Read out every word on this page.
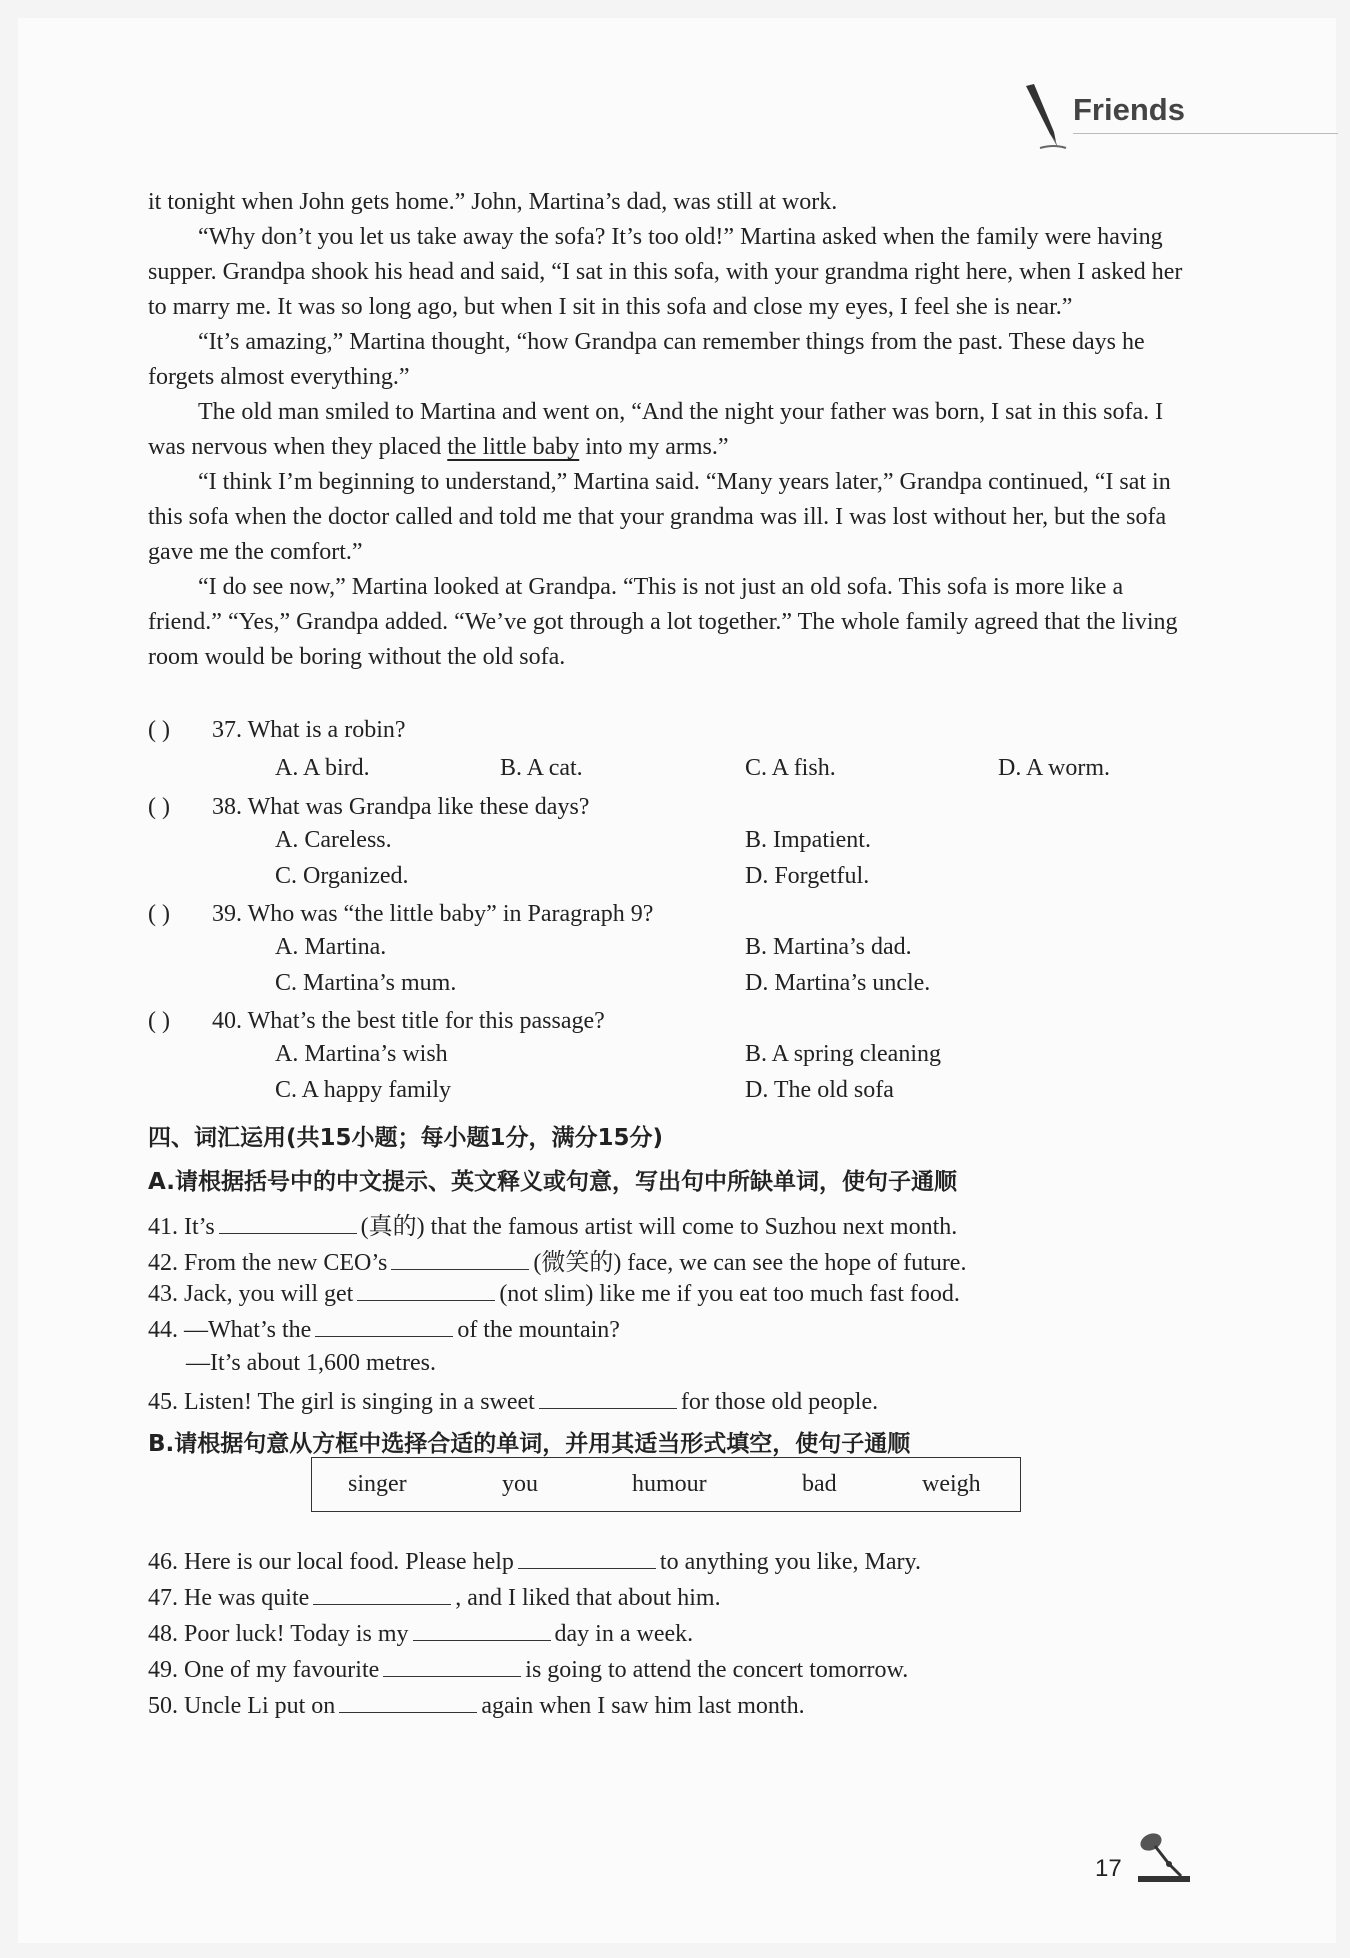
Friends

it tonight when John gets home.” John, Martina’s dad, was still at work.

“Why don’t you let us take away the sofa? It’s too old!” Martina asked when the family were having supper. Grandpa shook his head and said, “I sat in this sofa, with your grandma right here, when I asked her to marry me. It was so long ago, but when I sit in this sofa and close my eyes, I feel she is near.”

“It’s amazing,” Martina thought, “how Grandpa can remember things from the past. These days he forgets almost everything.”

The old man smiled to Martina and went on, “And the night your father was born, I sat in this sofa. I was nervous when they placed the little baby into my arms.”

“I think I’m beginning to understand,” Martina said. “Many years later,” Grandpa continued, “I sat in this sofa when the doctor called and told me that your grandma was ill. I was lost without her, but the sofa gave me the comfort.”

“I do see now,” Martina looked at Grandpa. “This is not just an old sofa. This sofa is more like a friend.” “Yes,” Grandpa added. “We’ve got through a lot together.” The whole family agreed that the living room would be boring without the old sofa.

( ) 37. What is a robin?
A. A bird.	B. A cat.	C. A fish.	D. A worm.
( ) 38. What was Grandpa like these days?
A. Careless.	B. Impatient.
C. Organized.	D. Forgetful.
( ) 39. Who was “the little baby” in Paragraph 9?
A. Martina.	B. Martina’s dad.
C. Martina’s mum.	D. Martina’s uncle.
( ) 40. What’s the best title for this passage?
A. Martina’s wish	B. A spring cleaning
C. A happy family	D. The old sofa
四、词汇运用(共15小题；每小题1分，满分15分)
A.请根据括号中的中文提示、英文释义或句意，写出句中所缺单词，使句子通顺
41. It’s	(真的) that the famous artist will come to Suzhou next month.
42. From the new CEO’s	(微笑的) face, we can see the hope of future.
43. Jack, you will get	(not slim) like me if you eat too much fast food.
44. —What’s the	of the mountain?
—It’s about 1,600 metres.
45. Listen! The girl is singing in a sweet	for those old people.
B.请根据句意从方框中选择合适的单词，并用其适当形式填空，使句子通顺
singer	you	humour	bad	weigh
46. Here is our local food. Please help	to anything you like, Mary.
47. He was quite	, and I liked that about him.
48. Poor luck! Today is my	day in a week.
49. One of my favourite	is going to attend the concert tomorrow.
50. Uncle Li put on	again when I saw him last month.
17
